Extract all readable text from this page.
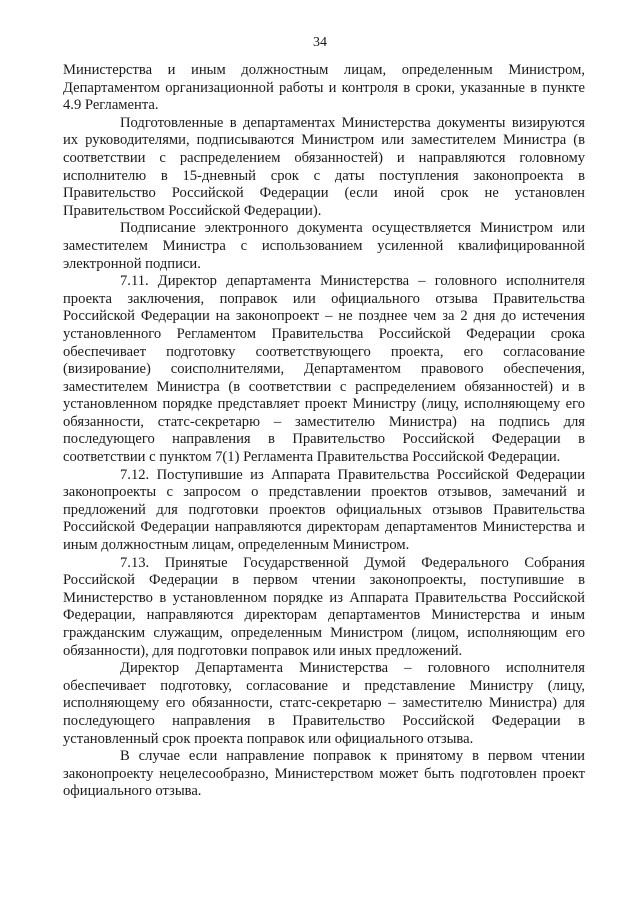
34

Министерства и иным должностным лицам, определенным Министром, Департаментом организационной работы и контроля в сроки, указанные в пункте 4.9 Регламента.

Подготовленные в департаментах Министерства документы визируются их руководителями, подписываются Министром или заместителем Министра (в соответствии с распределением обязанностей) и направляются головному исполнителю в 15-дневный срок с даты поступления законопроекта в Правительство Российской Федерации (если иной срок не установлен Правительством Российской Федерации).

Подписание электронного документа осуществляется Министром или заместителем Министра с использованием усиленной квалифицированной электронной подписи.

7.11. Директор департамента Министерства – головного исполнителя проекта заключения, поправок или официального отзыва Правительства Российской Федерации на законопроект – не позднее чем за 2 дня до истечения установленного Регламентом Правительства Российской Федерации срока обеспечивает подготовку соответствующего проекта, его согласование (визирование) соисполнителями, Департаментом правового обеспечения, заместителем Министра (в соответствии с распределением обязанностей) и в установленном порядке представляет проект Министру (лицу, исполняющему его обязанности, статс-секретарю – заместителю Министра) на подпись для последующего направления в Правительство Российской Федерации в соответствии с пунктом 7(1) Регламента Правительства Российской Федерации.

7.12. Поступившие из Аппарата Правительства Российской Федерации законопроекты с запросом о представлении проектов отзывов, замечаний и предложений для подготовки проектов официальных отзывов Правительства Российской Федерации направляются директорам департаментов Министерства и иным должностным лицам, определенным Министром.

7.13. Принятые Государственной Думой Федерального Собрания Российской Федерации в первом чтении законопроекты, поступившие в Министерство в установленном порядке из Аппарата Правительства Российской Федерации, направляются директорам департаментов Министерства и иным гражданским служащим, определенным Министром (лицом, исполняющим его обязанности), для подготовки поправок или иных предложений.

Директор Департамента Министерства – головного исполнителя обеспечивает подготовку, согласование и представление Министру (лицу, исполняющему его обязанности, статс-секретарю – заместителю Министра) для последующего направления в Правительство Российской Федерации в установленный срок проекта поправок или официального отзыва.

В случае если направление поправок к принятому в первом чтении законопроекту нецелесообразно, Министерством может быть подготовлен проект официального отзыва.
